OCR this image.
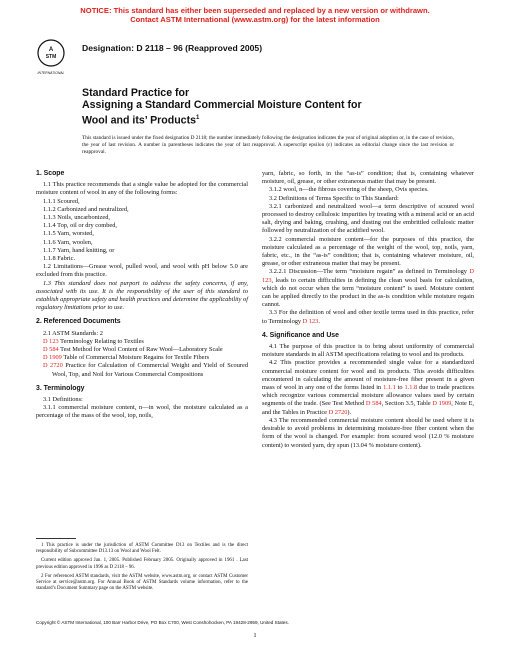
NOTICE: This standard has either been superseded and replaced by a new version or withdrawn.
Contact ASTM International (www.astm.org) for the latest information
A
STM
INTERNATIONAL
Designation: D 2118 – 96 (Reapproved 2005)
Standard Practice for
Assigning a Standard Commercial Moisture Content for
Wool and its’ Products$^1$
This standard is issued under the fixed designation D 2118; the number immediately following the designation indicates the year of original adoption or, in the case of revision, the year of last revision. A number in parentheses indicates the year of last reapproval. A superscript epsilon (ε) indicates an editorial change since the last revision or reapproval.
1. Scope

1.1 This practice recommends that a single value be adopted for the commercial moisture content of wool in any of the following forms:

1.1.1 Scoured,

1.1.2 Carbonized and neutralized,

1.1.3 Noils, uncarbonized,

1.1.4 Top, oil or dry combed,

1.1.5 Yarn, worsted,

1.1.6 Yarn, woolen,

1.1.7 Yarn, hand knitting, or

1.1.8 Fabric.

1.2 Limitations—Grease wool, pulled wool, and wool with pH below 5.0 are excluded from this practice.

1.3 This standard does not purport to address the safety concerns, if any, associated with its use. It is the responsibility of the user of this standard to establish appropriate safety and health practices and determine the applicability of regulatory limitations prior to use.

2. Referenced Documents

2.1 ASTM Standards: 2

D 123 Terminology Relating to Textiles

D 584 Test Method for Wool Content of Raw Wool—Laboratory Scale

D 1909 Table of Commercial Moisture Regains for Textile Fibers

D 2720 Practice for Calculation of Commercial Weight and Yield of Scoured Wool, Top, and Noil for Various Commercial Compositions

3. Terminology

3.1 Definitions:

3.1.1 commercial moisture content, n—in wool, the moisture calculated as a percentage of the mass of the wool, top, noils,

yarn, fabric, so forth, in the “as-is” condition; that is, containing whatever moisture, oil, grease, or other extraneous matter that may be present.

3.1.2 wool, n—the fibrous covering of the sheep, Ovis species.

3.2 Definitions of Terms Specific to This Standard:

3.2.1 carbonized and neutralized wool—a term descriptive of scoured wool processed to destroy cellulosic impurities by treating with a mineral acid or an acid salt, drying and baking, crushing, and dusting out the embrittled cellulosic matter followed by neutralization of the acidified wool.

3.2.2 commercial moisture content—for the purposes of this practice, the moisture calculated as a percentage of the weight of the wool, top, noils, yarn, fabric, etc., in the “as-is” condition; that is, containing whatever moisture, oil, grease, or other extraneous matter that may be present.

3.2.2.1 Discussion—The term “moisture regain” as defined in Terminology D 123, leads to certain difficulties in defining the clean wool basis for calculation, which do not occur when the term “moisture content” is used. Moisture content can be applied directly to the product in the as-is condition while moisture regain cannot.

3.3 For the definition of wool and other textile terms used in this practice, refer to Terminology D 123.

4. Significance and Use

4.1 The purpose of this practice is to bring about uniformity of commercial moisture standards in all ASTM specifications relating to wool and its products.

4.2 This practice provides a recommended single value for a standardized commercial moisture content for wool and its products. This avoids difficulties encountered in calculating the amount of moisture-free fiber present in a given mass of wool in any one of the forms listed in 1.1.1 to 1.1.8 due to trade practices which recognize various commercial moisture allowance values used by certain segments of the trade. (See Test Method D 584, Section 3.5, Table D 1909, Note E, and the Tables in Practice D 2720).

4.3 The recommended commercial moisture content should be used where it is desirable to avoid problems in determining moisture-free fiber content when the form of the wool is changed. For example: from scoured wool (12.0 % moisture content) to worsted yarn, dry spun (13.04 % moisture content).

1 This practice is under the jurisdiction of ASTM Committee D13 on Textiles and is the direct responsibility of Subcommittee D13.13 on Wool and Wool Felt.

Current edition approved Jan. 1, 2005. Published February 2005. Originally approved in 1961 . Last previous edition approved in 1996 as D 2118 – 96.

2 For referenced ASTM standards, visit the ASTM website, www.astm.org, or contact ASTM Customer Service at service@astm.org. For Annual Book of ASTM Standards volume information, refer to the standard’s Document Summary page on the ASTM website.

Copyright © ASTM International, 100 Barr Harbor Drive, PO Box C700, West Conshohocken, PA 19428-2959, United States.
1
